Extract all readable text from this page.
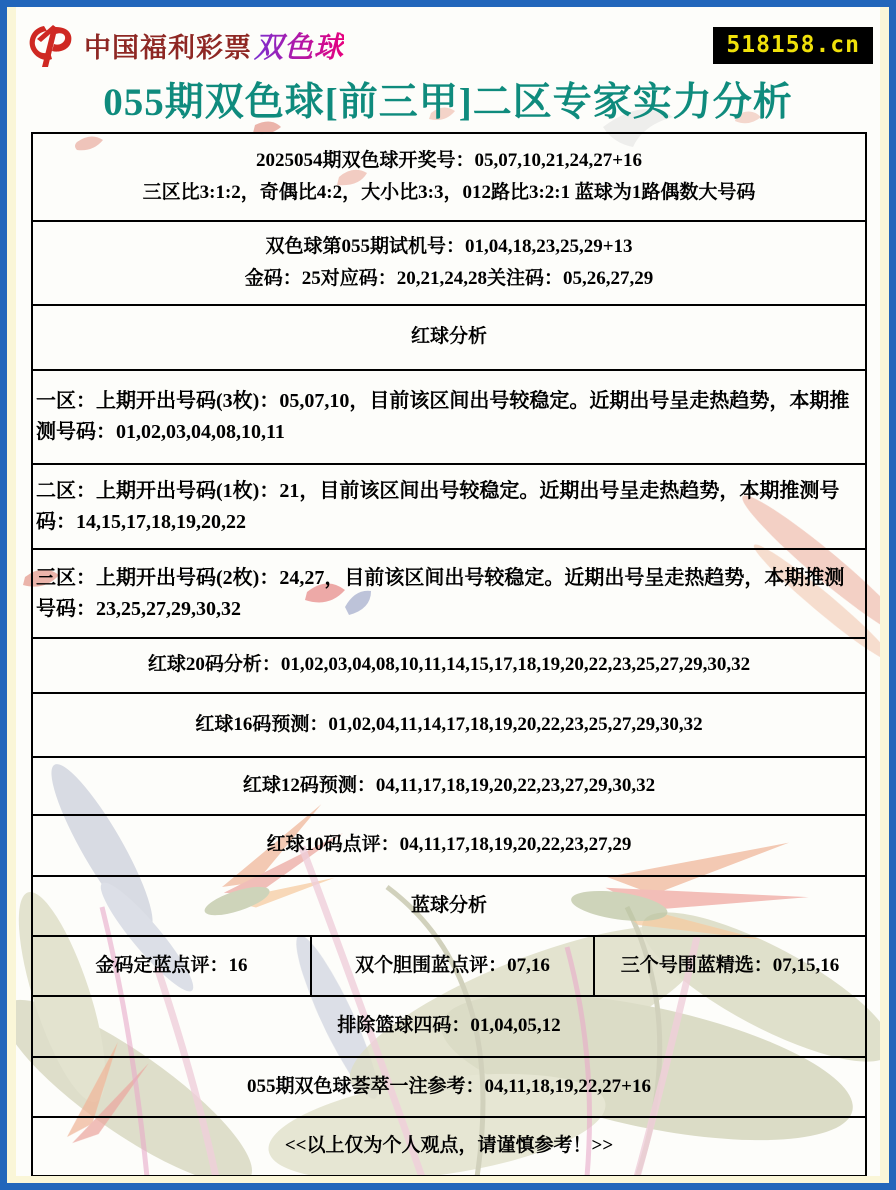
中国福利彩票 双色球	518158.cn
055期双色球[前三甲]二区专家实力分析
2025054期双色球开奖号：05,07,10,21,24,27+16
三区比3:1:2，奇偶比4:2，大小比3:3，012路比3:2:1 蓝球为1路偶数大号码

双色球第055期试机号：01,04,18,23,25,29+13
金码：25对应码：20,21,24,28关注码：05,26,27,29

红球分析
一区：上期开出号码(3枚)：05,07,10，目前该区间出号较稳定。近期出号呈走热趋势，本期推测号码：01,02,03,04,08,10,11
二区：上期开出号码(1枚)：21，目前该区间出号较稳定。近期出号呈走热趋势，本期推测号码：14,15,17,18,19,20,22
三区：上期开出号码(2枚)：24,27，目前该区间出号较稳定。近期出号呈走热趋势，本期推测号码：23,25,27,29,30,32
红球20码分析：01,02,03,04,08,10,11,14,15,17,18,19,20,22,23,25,27,29,30,32
红球16码预测：01,02,04,11,14,17,18,19,20,22,23,25,27,29,30,32
红球12码预测：04,11,17,18,19,20,22,23,27,29,30,32
红球10码点评：04,11,17,18,19,20,22,23,27,29
蓝球分析
金码定蓝点评：16	双个胆围蓝点评：07,16	三个号围蓝精选：07,15,16
排除篮球四码：01,04,05,12
055期双色球荟萃一注参考：04,11,18,19,22,27+16
<<以上仅为个人观点，请谨慎参考！>>
